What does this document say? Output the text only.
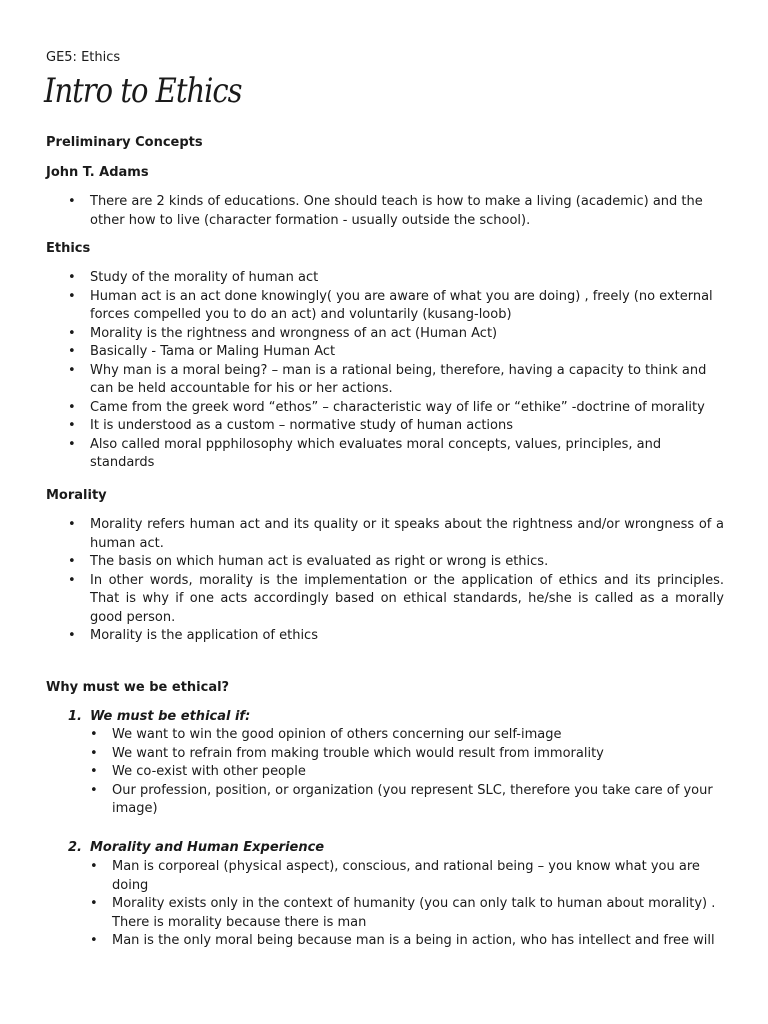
GE5: Ethics
Intro to Ethics
Preliminary Concepts
John T. Adams
• There are 2 kinds of educations. One should teach is how to make a living (academic) and the other how to live (character formation - usually outside the school).
Ethics
• Study of the morality of human act
• Human act is an act done knowingly( you are aware of what you are doing) , freely (no external forces compelled you to do an act) and voluntarily (kusang-loob)
• Morality is the rightness and wrongness of an act (Human Act)
• Basically - Tama or Maling Human Act
• Why man is a moral being? – man is a rational being, therefore, having a capacity to think and can be held accountable for his or her actions.
• Came from the greek word “ethos” – characteristic way of life or “ethike” -doctrine of morality
• It is understood as a custom – normative study of human actions
• Also called moral ppphilosophy which evaluates moral concepts, values, principles, and standards
Morality
• Morality refers human act and its quality or it speaks about the rightness and/or wrongness of a human act.
• The basis on which human act is evaluated as right or wrong is ethics.
• In other words, morality is the implementation or the application of ethics and its principles. That is why if one acts accordingly based on ethical standards, he/she is called as a morally good person.
• Morality is the application of ethics
Why must we be ethical?
1. We must be ethical if:
• We want to win the good opinion of others concerning our self-image
• We want to refrain from making trouble which would result from immorality
• We co-exist with other people
• Our profession, position, or organization (you represent SLC, therefore you take care of your image)
2. Morality and Human Experience
• Man is corporeal (physical aspect), conscious, and rational being – you know what you are doing
• Morality exists only in the context of humanity (you can only talk to human about morality) . There is morality because there is man
• Man is the only moral being because man is a being in action, who has intellect and free will
